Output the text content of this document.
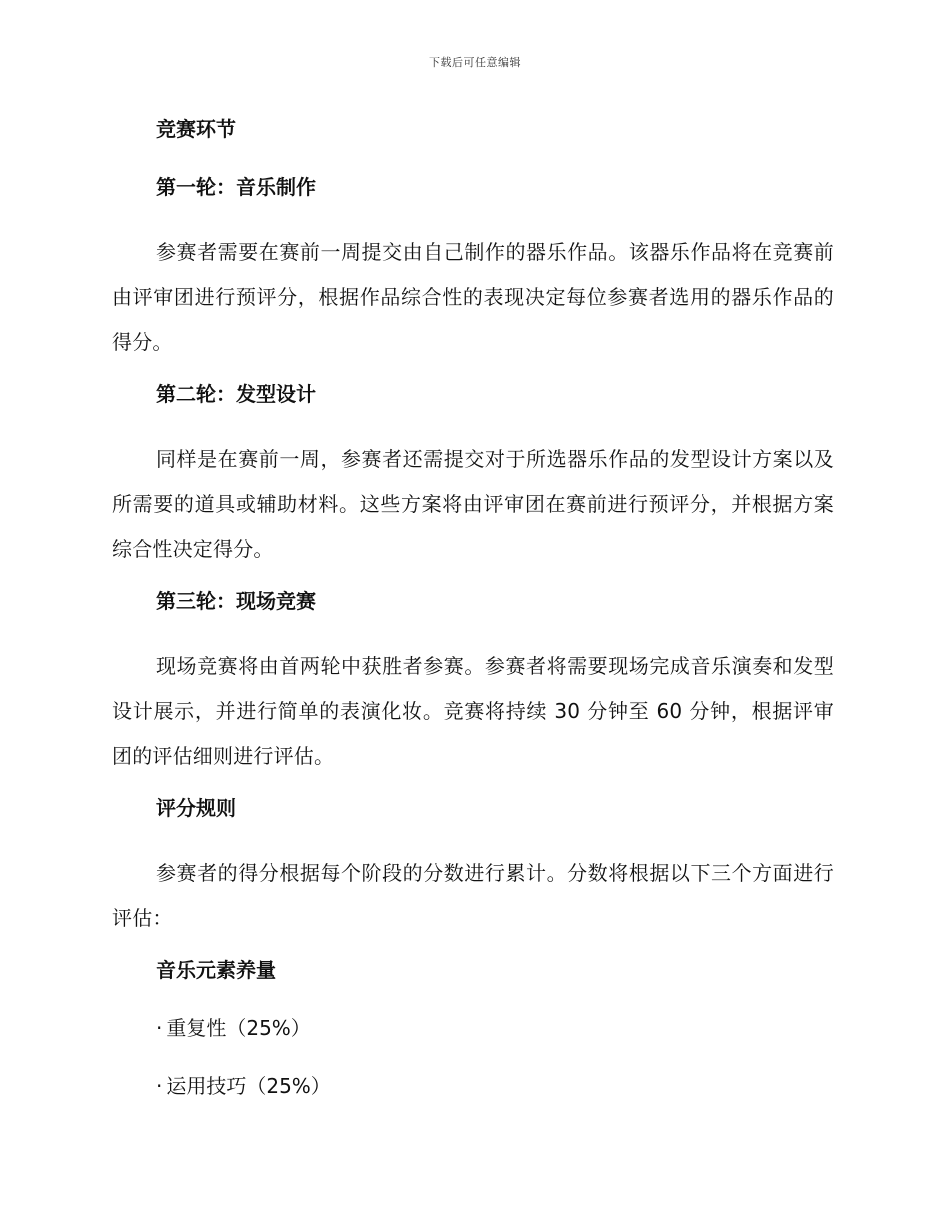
下载后可任意编辑
竞赛环节
第一轮：音乐制作

参赛者需要在赛前一周提交由自己制作的器乐作品。该器乐作品将在竞赛前由评审团进行预评分，根据作品综合性的表现决定每位参赛者选用的器乐作品的得分。

第二轮：发型设计

同样是在赛前一周，参赛者还需提交对于所选器乐作品的发型设计方案以及所需要的道具或辅助材料。这些方案将由评审团在赛前进行预评分，并根据方案综合性决定得分。

第三轮：现场竞赛

现场竞赛将由首两轮中获胜者参赛。参赛者将需要现场完成音乐演奏和发型设计展示，并进行简单的表演化妆。竞赛将持续 30 分钟至 60 分钟，根据评审团的评估细则进行评估。

评分规则

参赛者的得分根据每个阶段的分数进行累计。分数将根据以下三个方面进行评估：

音乐元素养量
· 重复性（25%）
· 运用技巧（25%）
